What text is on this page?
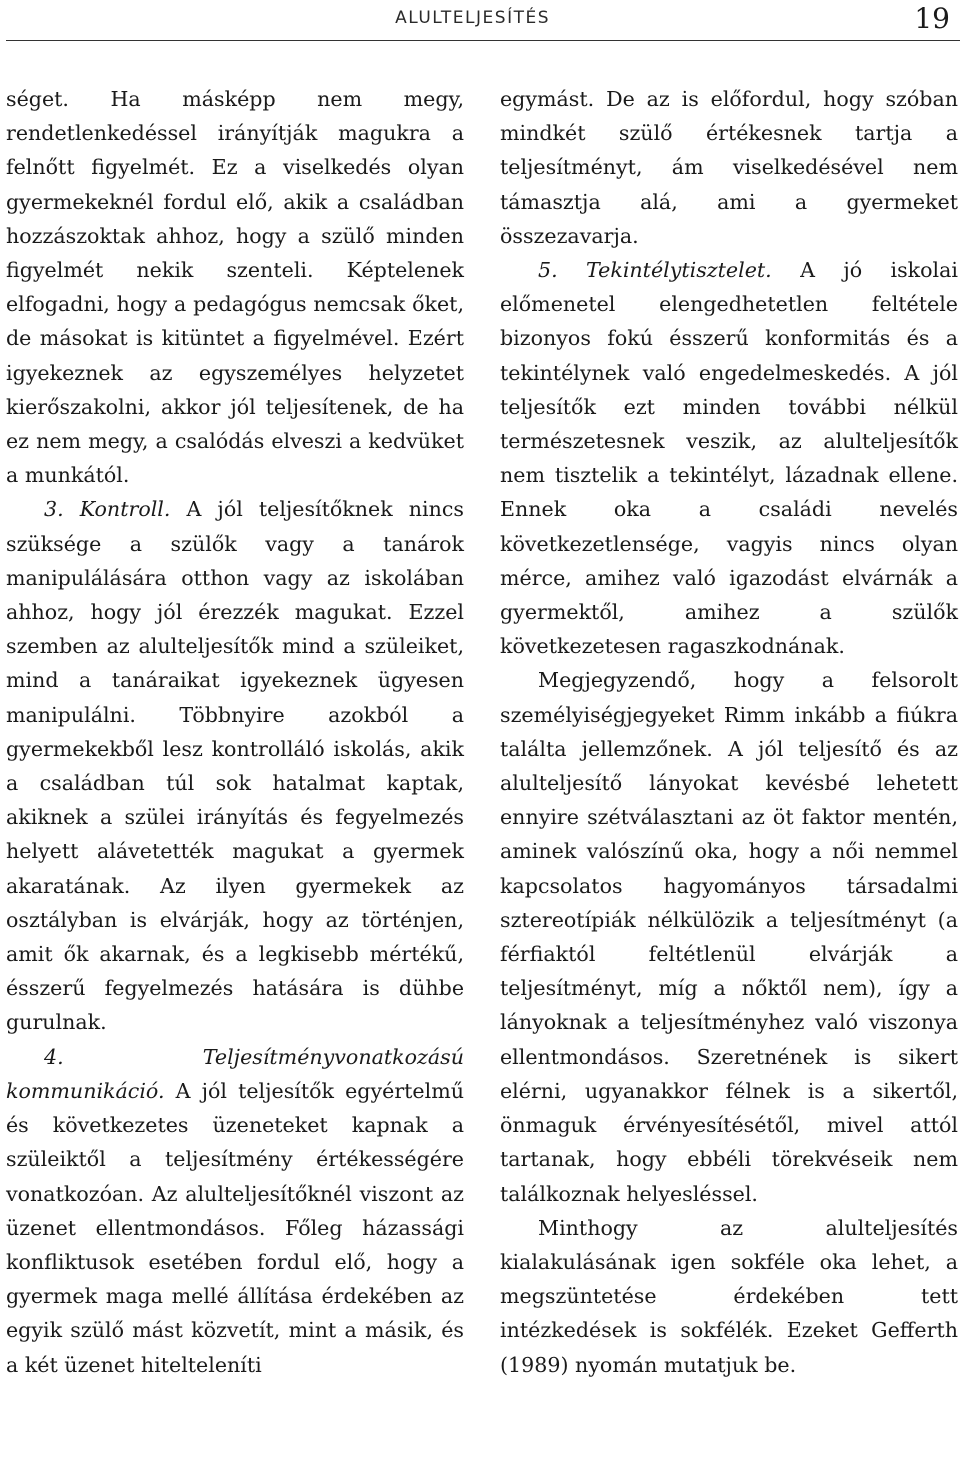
ALULTELJESÍTÉS	19

séget. Ha másképp nem megy, rendetlenkedéssel irányítják magukra a felnőtt figyelmét. Ez a viselkedés olyan gyermekeknél fordul elő, akik a családban hozzászoktak ahhoz, hogy a szülő minden figyelmét nekik szenteli. Képtelenek elfogadni, hogy a pedagógus nemcsak őket, de másokat is kitüntet a figyelmével. Ezért igyekeznek az egyszemélyes helyzetet kierőszakolni, akkor jól teljesítenek, de ha ez nem megy, a csalódás elveszi a kedvüket a munkától.

3. Kontroll. A jól teljesítőknek nincs szüksége a szülők vagy a tanárok manipulálására otthon vagy az iskolában ahhoz, hogy jól érezzék magukat. Ezzel szemben az alulteljesítők mind a szüleiket, mind a tanáraikat igyekeznek ügyesen manipulálni. Többnyire azokból a gyermekekből lesz kontrolláló iskolás, akik a családban túl sok hatalmat kaptak, akiknek a szülei irányítás és fegyelmezés helyett alávetették magukat a gyermek akaratának. Az ilyen gyermekek az osztályban is elvárják, hogy az történjen, amit ők akarnak, és a legkisebb mértékű, ésszerű fegyelmezés hatására is dühbe gurulnak.

4. Teljesítményvonatkozású kommunikáció. A jól teljesítők egyértelmű és következetes üzeneteket kapnak a szüleiktől a teljesítmény értékességére vonatkozóan. Az alulteljesítőknél viszont az üzenet ellentmondásos. Főleg házassági konfliktusok esetében fordul elő, hogy a gyermek maga mellé állítása érdekében az egyik szülő mást közvetít, mint a másik, és a két üzenet hitelteleníti

egymást. De az is előfordul, hogy szóban mindkét szülő értékesnek tartja a teljesítményt, ám viselkedésével nem támasztja alá, ami a gyermeket összezavarja.

5. Tekintélytisztelet. A jó iskolai előmenetel elengedhetetlen feltétele bizonyos fokú ésszerű konformitás és a tekintélynek való engedelmeskedés. A jól teljesítők ezt minden további nélkül természetesnek veszik, az alulteljesítők nem tisztelik a tekintélyt, lázadnak ellene. Ennek oka a családi nevelés következetlensége, vagyis nincs olyan mérce, amihez való igazodást elvárnák a gyermektől, amihez a szülők következetesen ragaszkodnának.

Megjegyzendő, hogy a felsorolt személyiségjegyeket Rimm inkább a fiúkra találta jellemzőnek. A jól teljesítő és az alulteljesítő lányokat kevésbé lehetett ennyire szétválasztani az öt faktor mentén, aminek valószínű oka, hogy a női nemmel kapcsolatos hagyományos társadalmi sztereotípiák nélkülözik a teljesítményt (a férfiaktól feltétlenül elvárják a teljesítményt, míg a nőktől nem), így a lányoknak a teljesítményhez való viszonya ellentmondásos. Szeretnének is sikert elérni, ugyanakkor félnek is a sikertől, önmaguk érvényesítésétől, mivel attól tartanak, hogy ebbéli törekvéseik nem találkoznak helyesléssel.

Minthogy az alulteljesítés kialakulásának igen sokféle oka lehet, a megszüntetése érdekében tett intézkedések is sokfélék. Ezeket Gefferth (1989) nyomán mutatjuk be.
